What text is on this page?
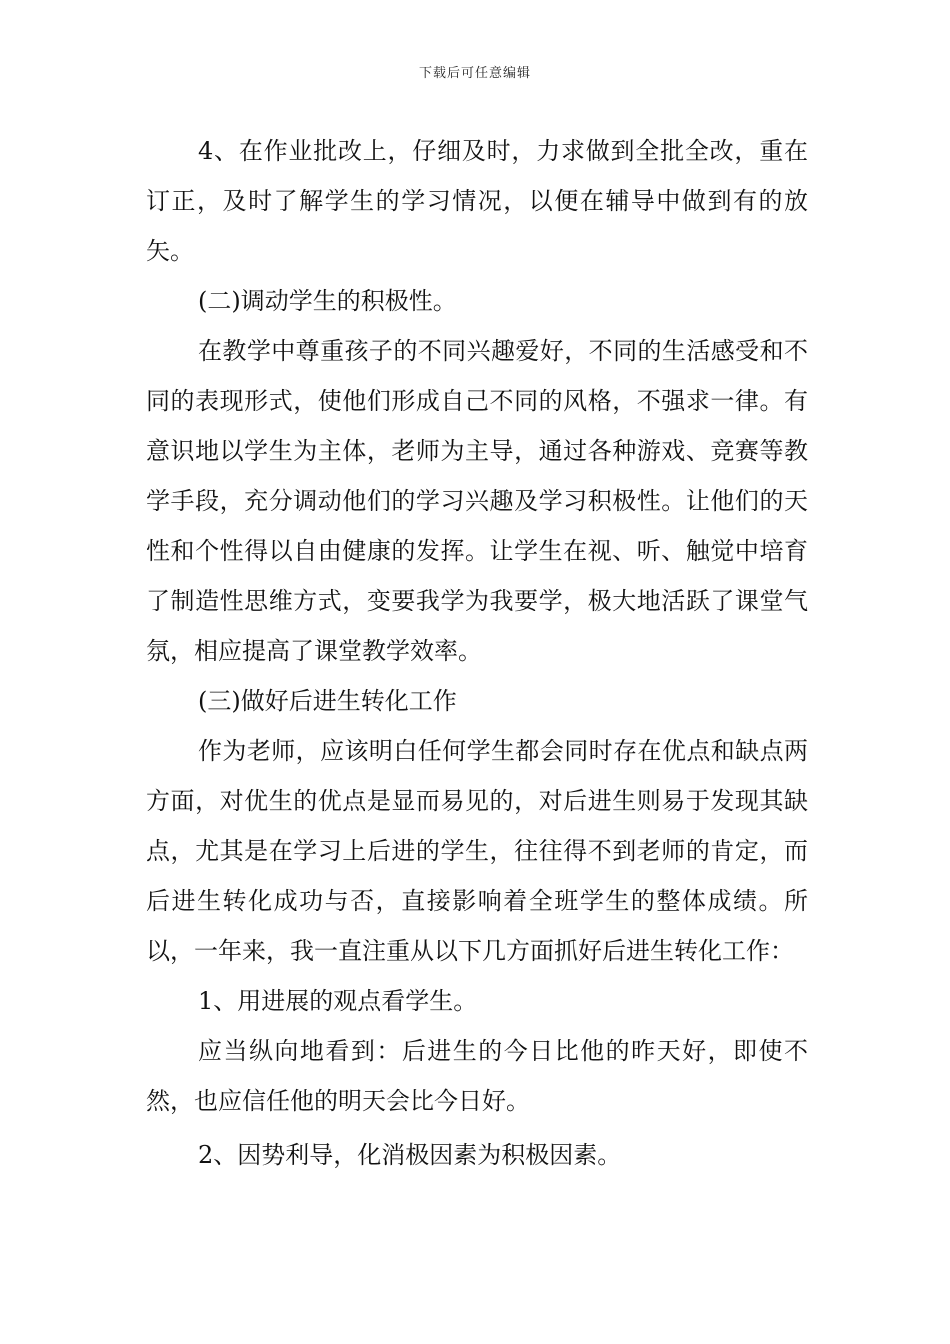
下载后可任意编辑

4、在作业批改上，仔细及时，力求做到全批全改，重在订正，及时了解学生的学习情况，以便在辅导中做到有的放矢。

(二)调动学生的积极性。

在教学中尊重孩子的不同兴趣爱好，不同的生活感受和不同的表现形式，使他们形成自己不同的风格，不强求一律。有意识地以学生为主体，老师为主导，通过各种游戏、竞赛等教学手段，充分调动他们的学习兴趣及学习积极性。让他们的天性和个性得以自由健康的发挥。让学生在视、听、触觉中培育了制造性思维方式，变要我学为我要学，极大地活跃了课堂气氛，相应提高了课堂教学效率。

(三)做好后进生转化工作

作为老师，应该明白任何学生都会同时存在优点和缺点两方面，对优生的优点是显而易见的，对后进生则易于发现其缺点，尤其是在学习上后进的学生，往往得不到老师的肯定，而后进生转化成功与否，直接影响着全班学生的整体成绩。所以，一年来，我一直注重从以下几方面抓好后进生转化工作：

1、用进展的观点看学生。

应当纵向地看到：后进生的今日比他的昨天好，即使不然，也应信任他的明天会比今日好。

2、因势利导，化消极因素为积极因素。
